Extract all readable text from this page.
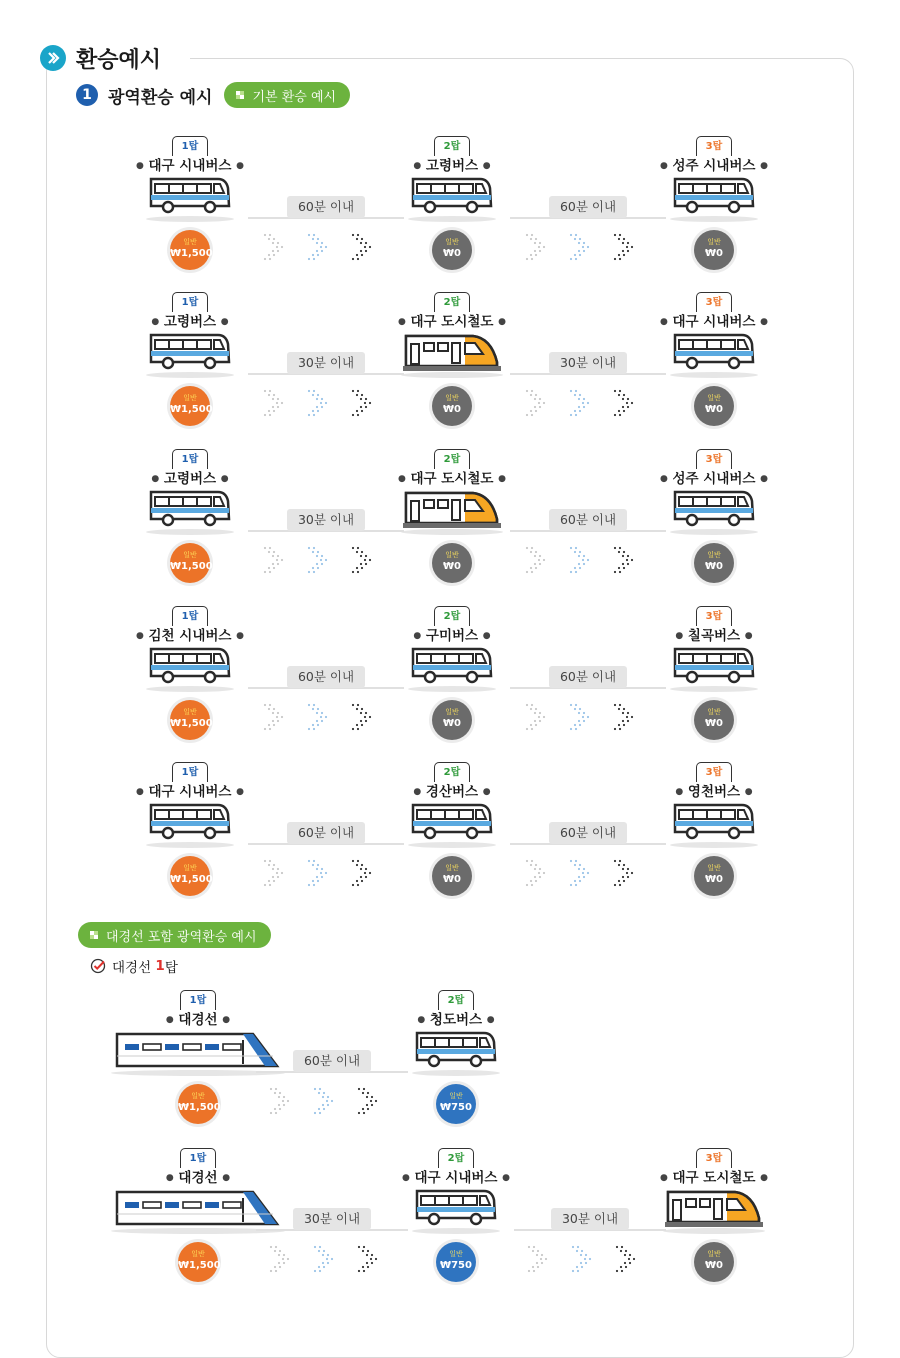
환승예시
1 광역환승 예시	기본 환승 예시
대경선 포함 광역환승 예시
대경선 1 탑
1탑
● 대구 시내버스 ●
일반
₩1,500
2탑
● 고령버스 ●
일반
₩0
3탑
● 성주 시내버스 ●
일반
₩0
60분 이내	60분 이내
1탑
● 고령버스 ●
일반
₩1,500
2탑
● 대구 도시철도 ●
일반
₩0
3탑
● 대구 시내버스 ●
일반
₩0
30분 이내	30분 이내
1탑
● 고령버스 ●
일반
₩1,500
2탑
● 대구 도시철도 ●
일반
₩0
3탑
● 성주 시내버스 ●
일반
₩0
30분 이내	60분 이내
1탑
● 김천 시내버스 ●
일반
₩1,500
2탑
● 구미버스 ●
일반
₩0
3탑
● 칠곡버스 ●
일반
₩0
60분 이내	60분 이내
1탑
● 대구 시내버스 ●
일반
₩1,500
2탑
● 경산버스 ●
일반
₩0
3탑
● 영천버스 ●
일반
₩0
60분 이내	60분 이내
1탑
● 대경선 ●
일반
₩1,500
2탑
● 청도버스 ●
일반
₩750
60분 이내
1탑
● 대경선 ●
일반
₩1,500
2탑
● 대구 시내버스 ●
일반
₩750
3탑
● 대구 도시철도 ●
일반
₩0
30분 이내	30분 이내
